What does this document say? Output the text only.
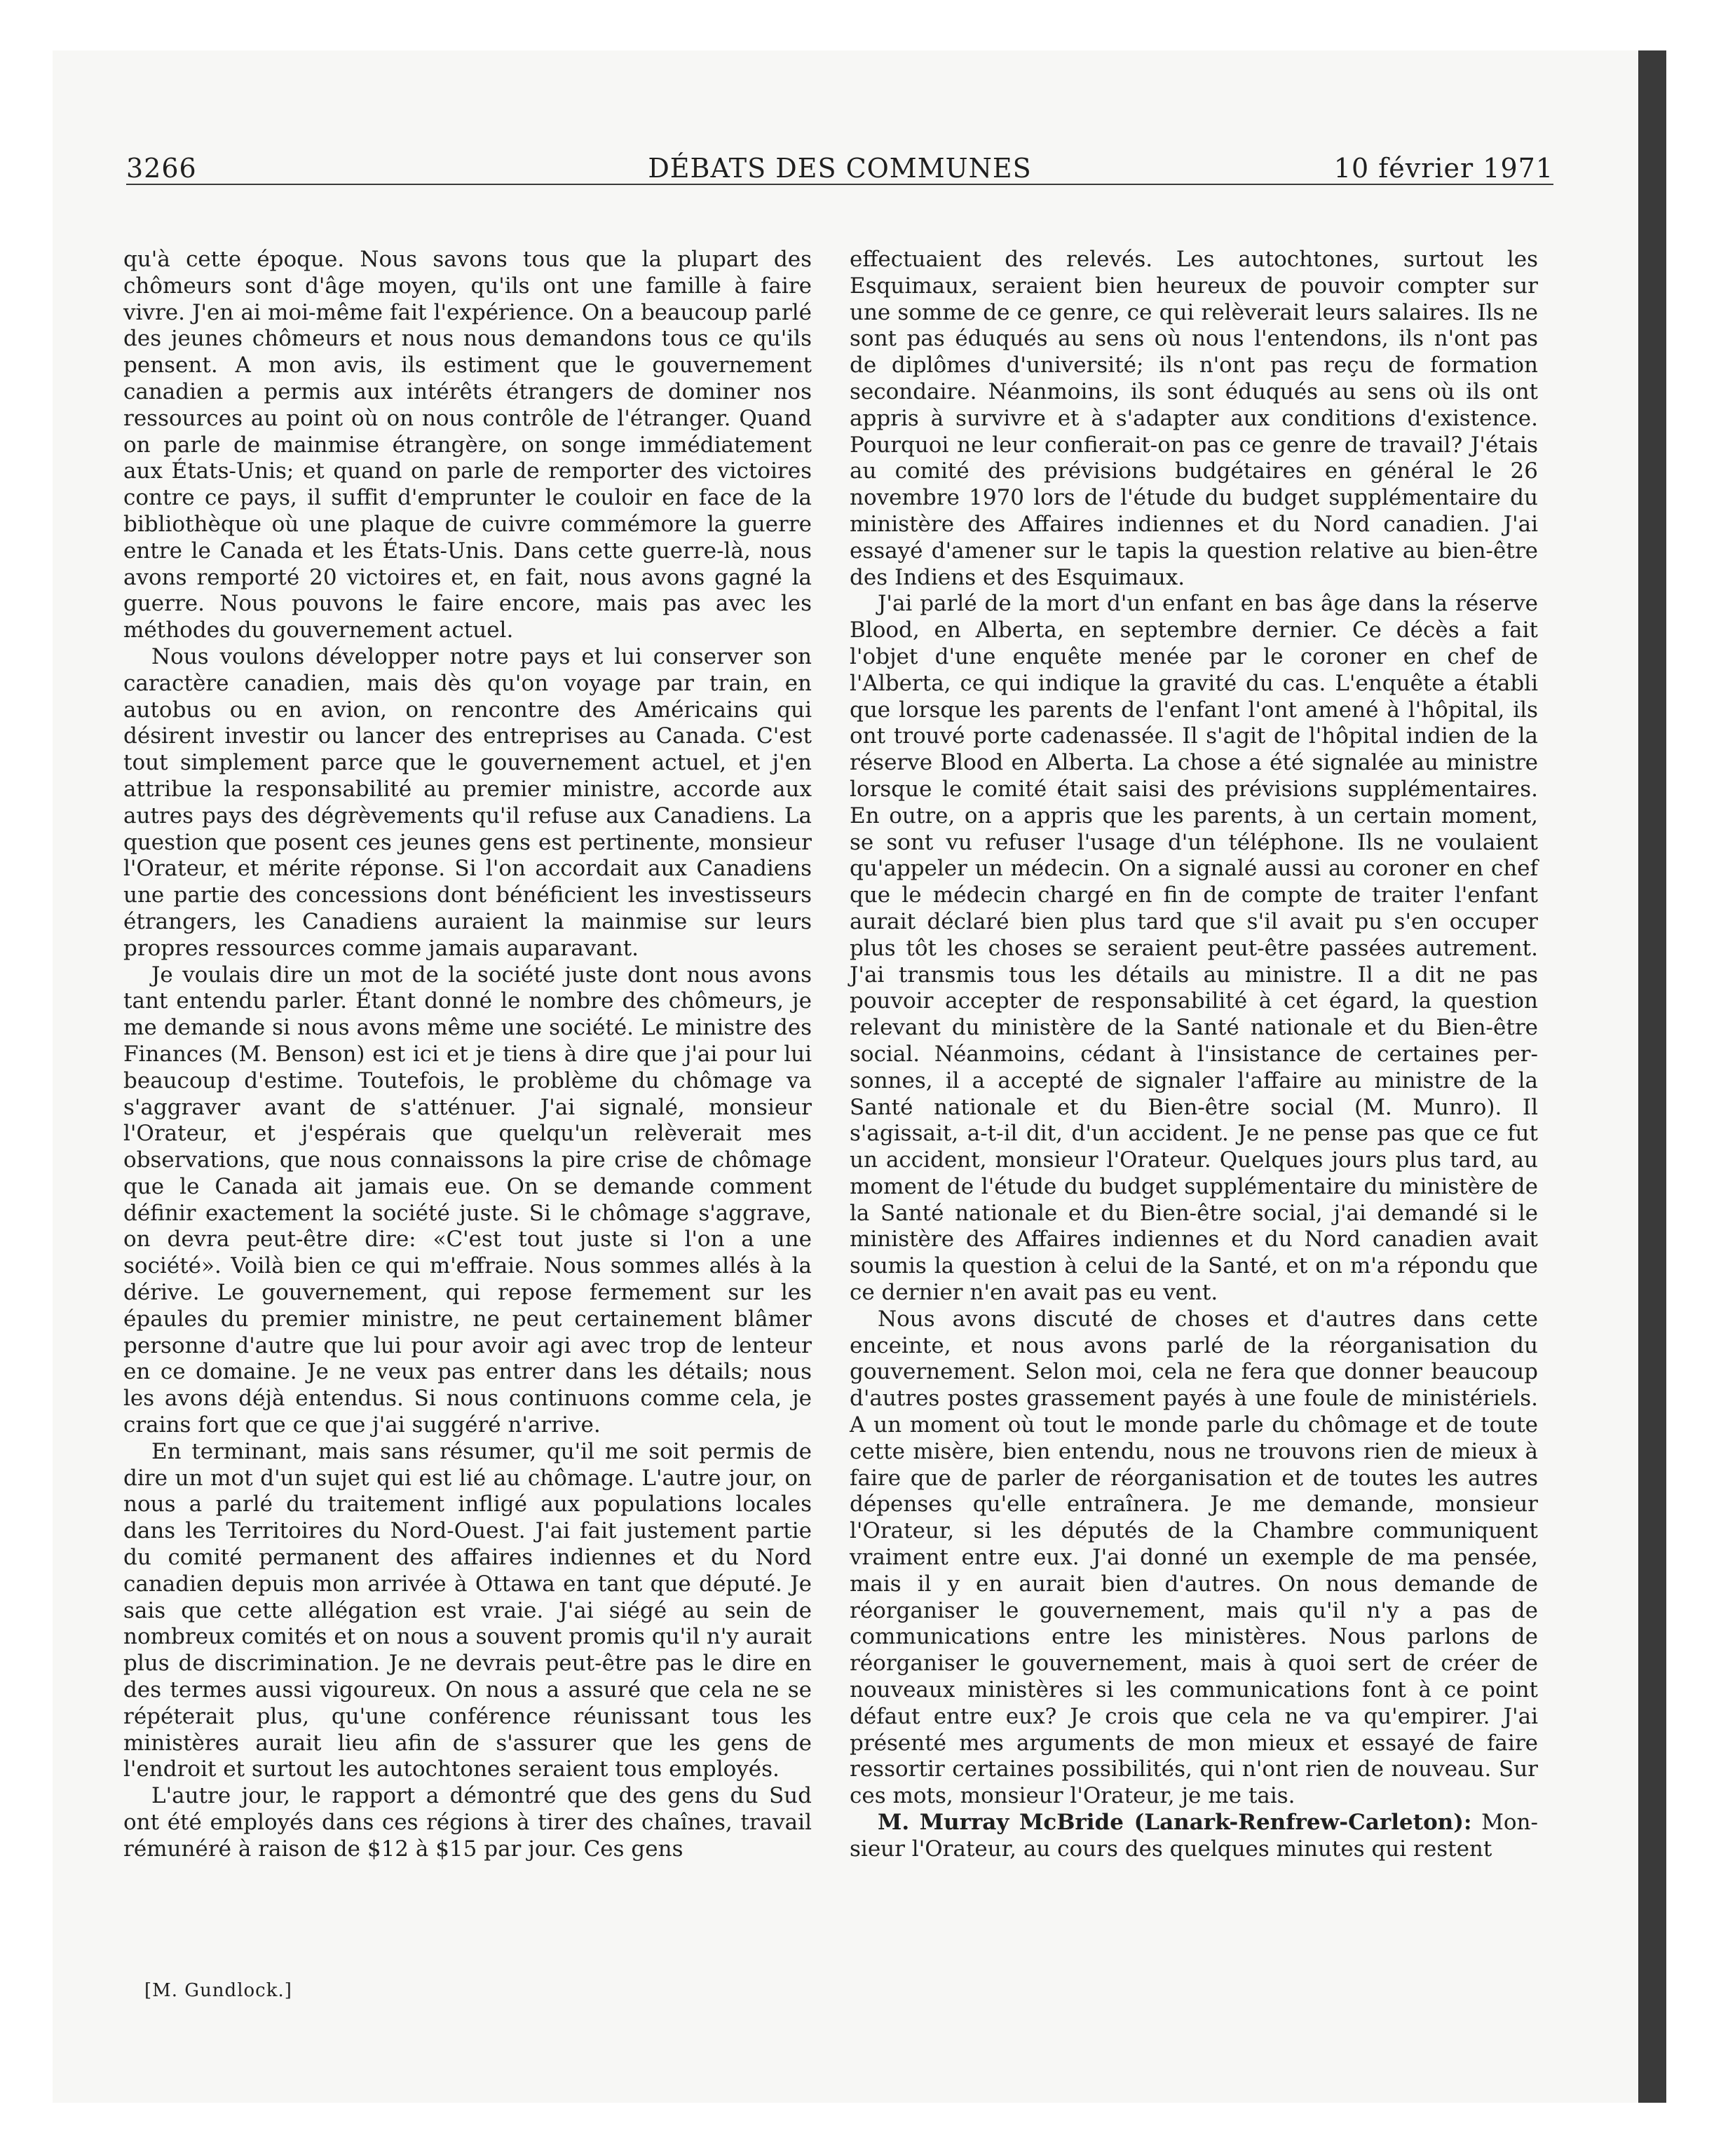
3266	DÉBATS DES COMMUNES	10 février 1971

qu'à cette époque. Nous savons tous que la plupart des chômeurs sont d'âge moyen, qu'ils ont une famille à faire vivre. J'en ai moi-même fait l'expérience. On a beaucoup parlé des jeunes chômeurs et nous nous demandons tous ce qu'ils pensent. A mon avis, ils estiment que le gouvernement canadien a permis aux intérêts étrangers de dominer nos ressources au point où on nous contrôle de l'étranger. Quand on parle de mainmise étrangère, on songe immédiatement aux États-Unis; et quand on parle de remporter des victoires contre ce pays, il suffit d'emprunter le couloir en face de la bibliothèque où une plaque de cuivre commémore la guerre entre le Canada et les États-Unis. Dans cette guerre-là, nous avons remporté 20 victoires et, en fait, nous avons gagné la guerre. Nous pouvons le faire encore, mais pas avec les méthodes du gouvernement actuel.

Nous voulons développer notre pays et lui conserver son caractère canadien, mais dès qu'on voyage par train, en autobus ou en avion, on rencontre des Américains qui désirent investir ou lancer des entreprises au Canada. C'est tout simplement parce que le gouvernement actuel, et j'en attribue la responsabilité au premier ministre, accorde aux autres pays des dégrèvements qu'il refuse aux Canadiens. La question que posent ces jeunes gens est pertinente, monsieur l'Orateur, et mérite réponse. Si l'on accordait aux Canadiens une partie des concessions dont bénéficient les investisseurs étrangers, les Canadiens auraient la mainmise sur leurs propres ressources comme jamais auparavant.

Je voulais dire un mot de la société juste dont nous avons tant entendu parler. Étant donné le nombre des chômeurs, je me demande si nous avons même une société. Le ministre des Finances (M. Benson) est ici et je tiens à dire que j'ai pour lui beaucoup d'estime. Toutefois, le problème du chômage va s'aggraver avant de s'atténuer. J'ai signalé, monsieur l'Orateur, et j'espérais que quelqu'un relèverait mes observations, que nous connaissons la pire crise de chômage que le Canada ait jamais eue. On se demande comment définir exactement la société juste. Si le chômage s'aggrave, on devra peut-être dire: «C'est tout juste si l'on a une société». Voilà bien ce qui m'effraie. Nous sommes allés à la dérive. Le gouvernement, qui repose fermement sur les épaules du premier ministre, ne peut certainement blâmer personne d'autre que lui pour avoir agi avec trop de lenteur en ce domaine. Je ne veux pas entrer dans les détails; nous les avons déjà entendus. Si nous continuons comme cela, je crains fort que ce que j'ai suggéré n'arrive.

En terminant, mais sans résumer, qu'il me soit permis de dire un mot d'un sujet qui est lié au chômage. L'autre jour, on nous a parlé du traitement infligé aux populations locales dans les Territoires du Nord-Ouest. J'ai fait justement partie du comité permanent des affaires indiennes et du Nord canadien depuis mon arrivée à Ottawa en tant que député. Je sais que cette allégation est vraie. J'ai siégé au sein de nombreux comités et on nous a souvent promis qu'il n'y aurait plus de discrimination. Je ne devrais peut-être pas le dire en des termes aussi vigoureux. On nous a assuré que cela ne se répéterait plus, qu'une conférence réunissant tous les ministères aurait lieu afin de s'assurer que les gens de l'endroit et surtout les autochtones seraient tous employés.

L'autre jour, le rapport a démontré que des gens du Sud ont été employés dans ces régions à tirer des chaînes, travail rémunéré à raison de $12 à $15 par jour. Ces gens

effectuaient des relevés. Les autochtones, surtout les Esquimaux, seraient bien heureux de pouvoir compter sur une somme de ce genre, ce qui relèverait leurs salaires. Ils ne sont pas éduqués au sens où nous l'entendons, ils n'ont pas de diplômes d'université; ils n'ont pas reçu de formation secondaire. Néanmoins, ils sont éduqués au sens où ils ont appris à survivre et à s'adapter aux conditions d'existence. Pourquoi ne leur confierait-on pas ce genre de travail? J'étais au comité des prévisions budgétaires en général le 26 novembre 1970 lors de l'étude du budget supplémentaire du ministère des Affaires indiennes et du Nord canadien. J'ai essayé d'amener sur le tapis la question relative au bien-être des Indiens et des Esquimaux.

J'ai parlé de la mort d'un enfant en bas âge dans la réserve Blood, en Alberta, en septembre dernier. Ce décès a fait l'objet d'une enquête menée par le coroner en chef de l'Alberta, ce qui indique la gravité du cas. L'enquête a établi que lorsque les parents de l'enfant l'ont amené à l'hôpital, ils ont trouvé porte cadenassée. Il s'agit de l'hôpital indien de la réserve Blood en Alberta. La chose a été signalée au ministre lorsque le comité était saisi des prévisions supplémentaires. En outre, on a appris que les parents, à un certain moment, se sont vu refuser l'usage d'un téléphone. Ils ne voulaient qu'appeler un médecin. On a signalé aussi au coroner en chef que le médecin chargé en fin de compte de traiter l'enfant aurait déclaré bien plus tard que s'il avait pu s'en occuper plus tôt les choses se seraient peut-être passées autrement. J'ai transmis tous les détails au ministre. Il a dit ne pas pouvoir accepter de responsabilité à cet égard, la question relevant du ministère de la Santé nationale et du Bien-être social. Néanmoins, cédant à l'insistance de certaines personnes, il a accepté de signaler l'affaire au ministre de la Santé nationale et du Bien-être social (M. Munro). Il s'agissait, a-t-il dit, d'un accident. Je ne pense pas que ce fut un accident, monsieur l'Orateur. Quelques jours plus tard, au moment de l'étude du budget supplémentaire du ministère de la Santé nationale et du Bien-être social, j'ai demandé si le ministère des Affaires indiennes et du Nord canadien avait soumis la question à celui de la Santé, et on m'a répondu que ce dernier n'en avait pas eu vent.

Nous avons discuté de choses et d'autres dans cette enceinte, et nous avons parlé de la réorganisation du gouvernement. Selon moi, cela ne fera que donner beaucoup d'autres postes grassement payés à une foule de ministériels. A un moment où tout le monde parle du chômage et de toute cette misère, bien entendu, nous ne trouvons rien de mieux à faire que de parler de réorganisation et de toutes les autres dépenses qu'elle entraînera. Je me demande, monsieur l'Orateur, si les députés de la Chambre communiquent vraiment entre eux. J'ai donné un exemple de ma pensée, mais il y en aurait bien d'autres. On nous demande de réorganiser le gouvernement, mais qu'il n'y a pas de communications entre les ministères. Nous parlons de réorganiser le gouvernement, mais à quoi sert de créer de nouveaux ministères si les communications font à ce point défaut entre eux? Je crois que cela ne va qu'empirer. J'ai présenté mes arguments de mon mieux et essayé de faire ressortir certaines possibilités, qui n'ont rien de nouveau. Sur ces mots, monsieur l'Orateur, je me tais.

M. Murray McBride (Lanark-Renfrew-Carleton): Monsieur l'Orateur, au cours des quelques minutes qui restent

[M. Gundlock.]
